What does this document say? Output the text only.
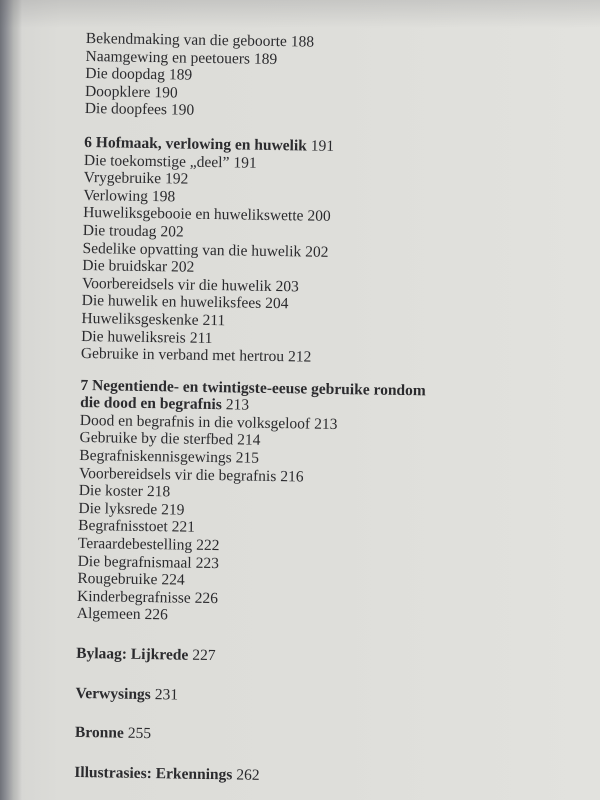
Bekendmaking van die geboorte 188
Naamgewing en peetouers 189
Die doopdag 189
Doopklere 190
Die doopfees 190
6 Hofmaak, verlowing en huwelik 191
Die toekomstige „deel” 191
Vrygebruike 192
Verlowing 198
Huweliksgebooie en huwelikswette 200
Die troudag 202
Sedelike opvatting van die huwelik 202
Die bruidskar 202
Voorbereidsels vir die huwelik 203
Die huwelik en huweliksfees 204
Huweliksgeskenke 211
Die huweliksreis 211
Gebruike in verband met hertrou 212
7 Negentiende- en twintigste-eeuse gebruike rondom
die dood en begrafnis 213
Dood en begrafnis in die volksgeloof 213
Gebruike by die sterfbed 214
Begrafniskennisgewings 215
Voorbereidsels vir die begrafnis 216
Die koster 218
Die lyksrede 219
Begrafnisstoet 221
Teraardebestelling 222
Die begrafnismaal 223
Rougebruike 224
Kinderbegrafnisse 226
Algemeen 226
Bylaag: Lijkrede 227
Verwysings 231
Bronne 255
Illustrasies: Erkennings 262
